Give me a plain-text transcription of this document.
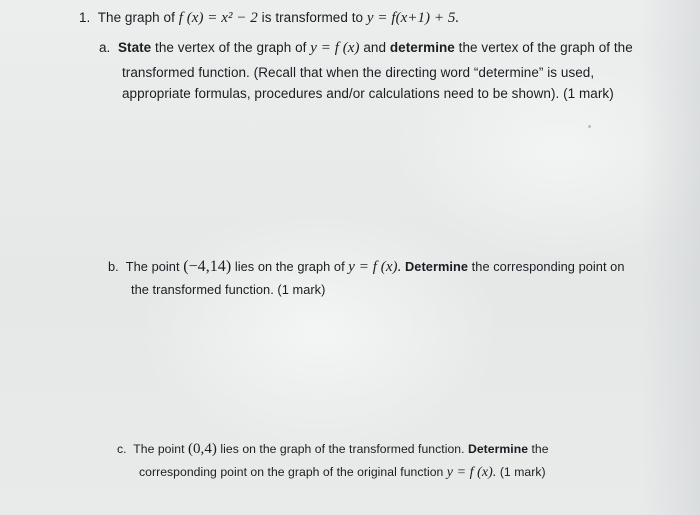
1. The graph of f (x) = x² − 2 is transformed to y = f(x+1) + 5.
a. State the vertex of the graph of y = f (x) and determine the vertex of the graph of the
transformed function. (Recall that when the directing word “determine” is used,
appropriate formulas, procedures and/or calculations need to be shown). (1 mark)
b. The point (−4,14) lies on the graph of y = f (x). Determine the corresponding point on
the transformed function. (1 mark)
c. The point (0,4) lies on the graph of the transformed function. Determine the
corresponding point on the graph of the original function y = f (x). (1 mark)
